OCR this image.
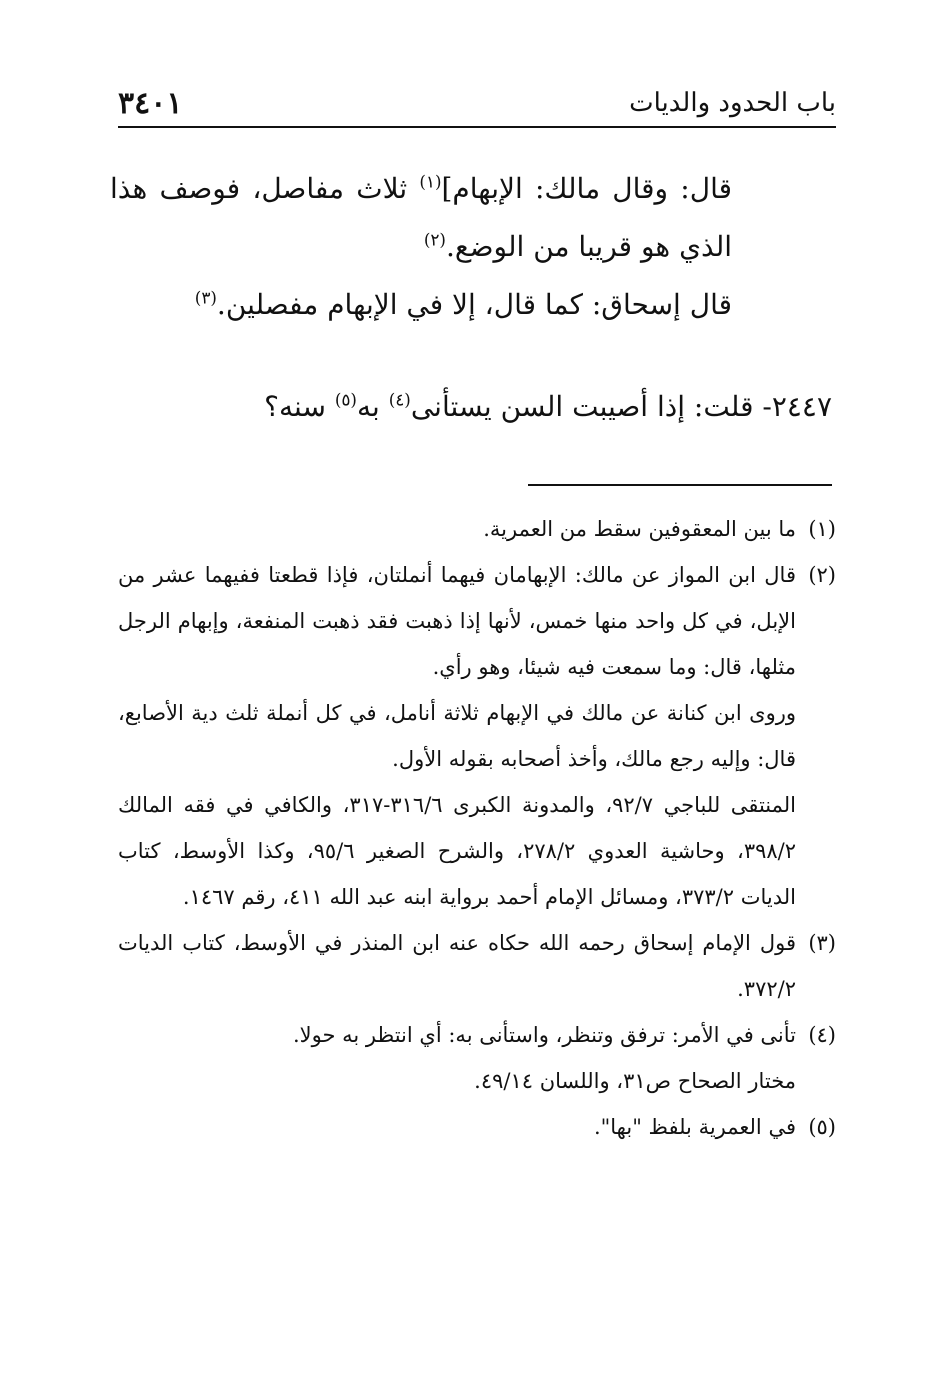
باب الحدود والديات
٣٤٠١

قال: وقال مالك: الإبهام]$^{(١)}$ ثلاث مفاصل، فوصف هذا الذي هو قريبا من الوضع.$^{(٢)}$

قال إسحاق: كما قال، إلا في الإبهام مفصلين.$^{(٣)}$

٢٤٤٧- قلت: إذا أصيبت السن يستأنى$^{(٤)}$ به$^{(٥)}$ سنه؟
(١)

ما بين المعقوفين سقط من العمرية.

(٢)

قال ابن المواز عن مالك: الإبهامان فيهما أنملتان، فإذا قطعتا ففيهما عشر من الإبل، في كل واحد منها خمس، لأنها إذا ذهبت فقد ذهبت المنفعة، وإبهام الرجل مثلها، قال: وما سمعت فيه شيئا، وهو رأي.

وروى ابن كنانة عن مالك في الإبهام ثلاثة أنامل، في كل أنملة ثلث دية الأصابع، قال: وإليه رجع مالك، وأخذ أصحابه بقوله الأول.

المنتقى للباجي ٩٢/٧، والمدونة الكبرى ٣١٦/٦-٣١٧، والكافي في فقه المالك ٣٩٨/٢، وحاشية العدوي ٢٧٨/٢، والشرح الصغير ٩٥/٦، وكذا الأوسط، كتاب الديات ٣٧٣/٢، ومسائل الإمام أحمد برواية ابنه عبد الله ٤١١، رقم ١٤٦٧.

(٣)

قول الإمام إسحاق رحمه الله حكاه عنه ابن المنذر في الأوسط، كتاب الديات ٣٧٢/٢.

(٤)

تأنى في الأمر: ترفق وتنظر، واستأنى به: أي انتظر به حولا.

مختار الصحاح ص٣١، واللسان ٤٩/١٤.

(٥)

في العمرية بلفظ "بها".
